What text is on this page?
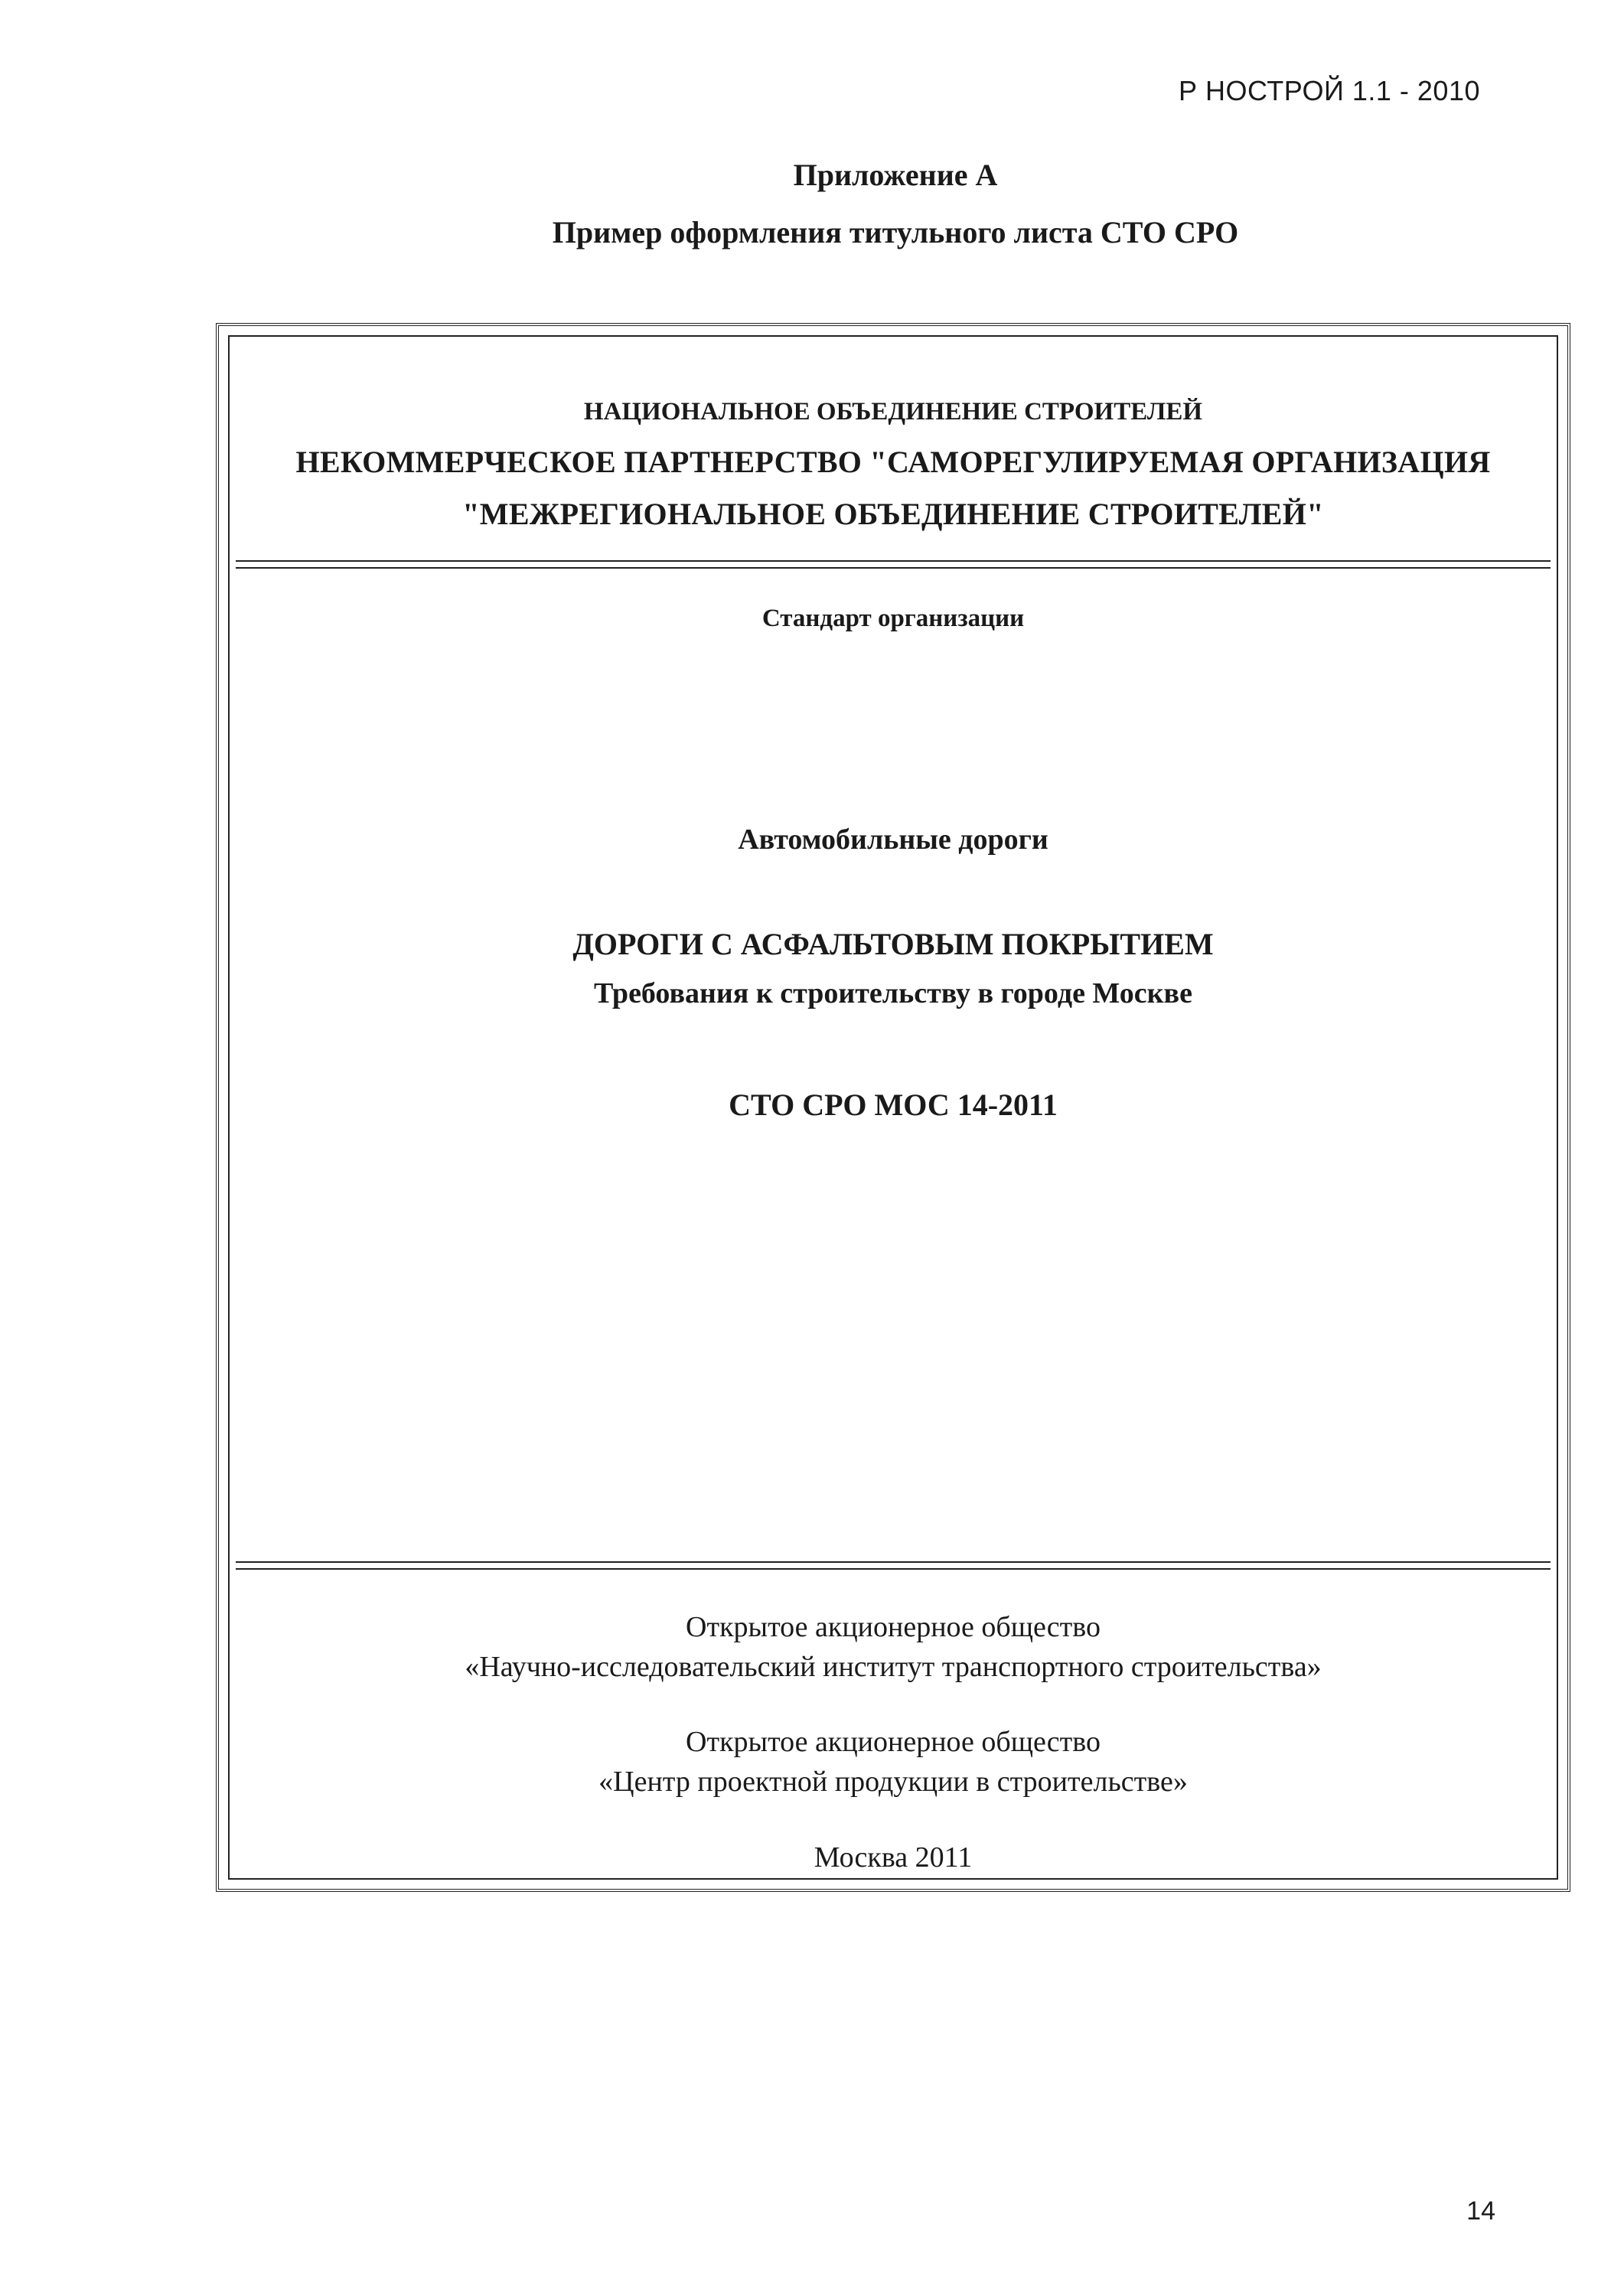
Р НОСТРОЙ 1.1 - 2010
Приложение А
Пример оформления титульного листа СТО СРО
НАЦИОНАЛЬНОЕ ОБЪЕДИНЕНИЕ СТРОИТЕЛЕЙ
НЕКОММЕРЧЕСКОЕ ПАРТНЕРСТВО "САМОРЕГУЛИРУЕМАЯ ОРГАНИЗАЦИЯ
"МЕЖРЕГИОНАЛЬНОЕ ОБЪЕДИНЕНИЕ СТРОИТЕЛЕЙ"
Стандарт организации
Автомобильные дороги
ДОРОГИ С АСФАЛЬТОВЫМ ПОКРЫТИЕМ
Требования к строительству в городе Москве
СТО СРО МОС 14-2011
Открытое акционерное общество
«Научно-исследовательский институт транспортного строительства»
Открытое акционерное общество
«Центр проектной продукции в строительстве»
Москва 2011
14
